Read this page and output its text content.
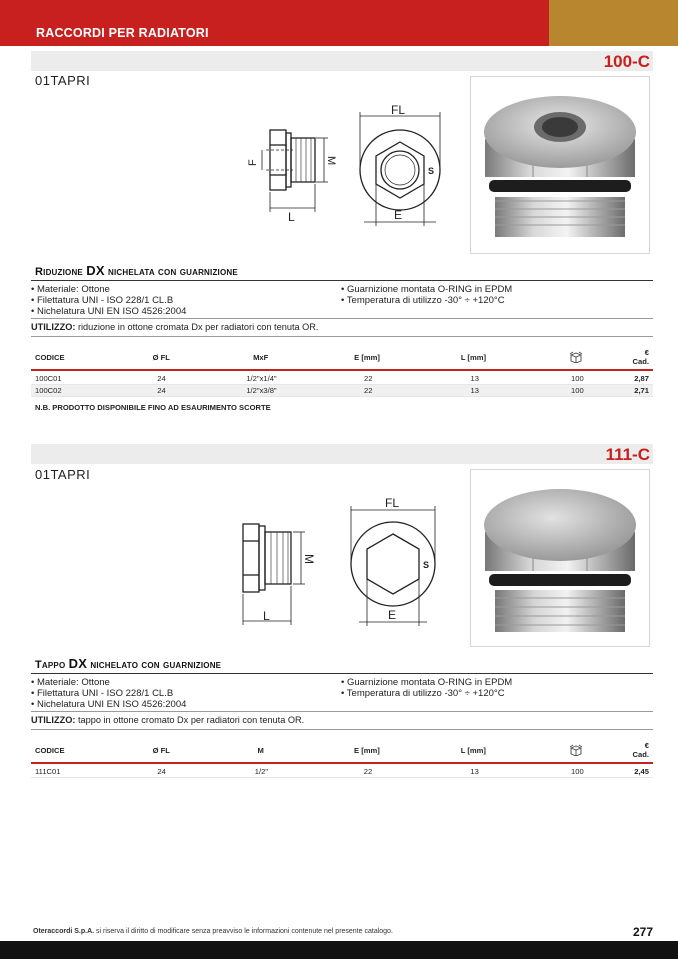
RACCORDI PER RADIATORI
100-C
01TAPRI
F	M
L
FL
E
S
Riduzione DX nichelata con guarnizione
• Materiale: Ottone
• Filettatura UNI - ISO 228/1 CL.B
• Nichelatura UNI EN ISO 4526:2004
• Guarnizione montata O-RING in EPDM
• Temperatura di utilizzo -30° ÷ +120°C
UTILIZZO: riduzione in ottone cromata Dx per radiatori con tenuta OR.
CODICE	Ø FL	MxF	E [mm]	L [mm]		€ Cad.
100C01	24	1/2"x1/4"	22	13	100	2,87
100C02	24	1/2"x3/8"	22	13	100	2,71
N.B. PRODOTTO DISPONIBILE FINO AD ESAURIMENTO SCORTE
111-C
01TAPRI
M
L
FL
E
S
Tappo DX nichelato con guarnizione
• Materiale: Ottone
• Filettatura UNI - ISO 228/1 CL.B
• Nichelatura UNI EN ISO 4526:2004
• Guarnizione montata O-RING in EPDM
• Temperatura di utilizzo -30° ÷ +120°C
UTILIZZO: tappo in ottone cromato Dx per radiatori con tenuta OR.
CODICE	Ø FL	M	E [mm]	L [mm]		€ Cad.
111C01	24	1/2"	22	13	100	2,45
Oteraccordi S.p.A. si riserva il diritto di modificare senza preavviso le informazioni contenute nel presente catalogo.	277
